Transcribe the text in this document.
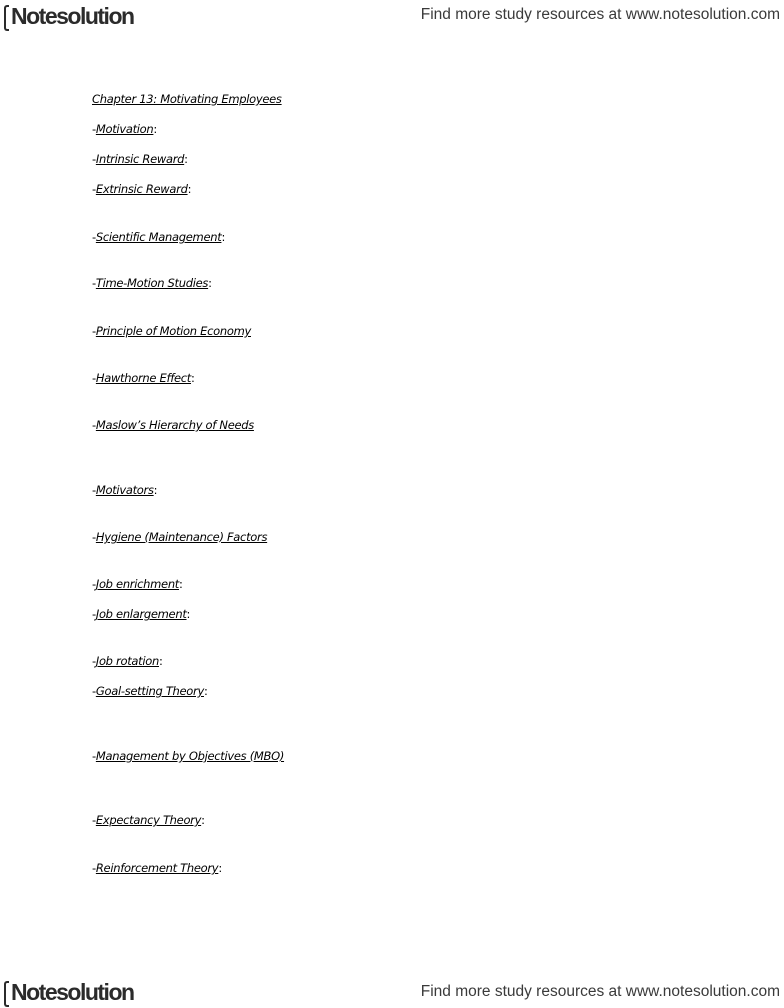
Notesolution	Find more study resources at www.notesolution.com
Chapter 13: Motivating Employees
-Motivation:
-Intrinsic Reward:
-Extrinsic Reward:
-Scientific Management:
-Time-Motion Studies:
-Principle of Motion Economy
-Hawthorne Effect:
-Maslow’s Hierarchy of Needs
-Motivators:
-Hygiene (Maintenance) Factors
-Job enrichment:
-Job enlargement:
-Job rotation:
-Goal-setting Theory:
-Management by Objectives (MBO)
-Expectancy Theory:
-Reinforcement Theory:
Notesolution	Find more study resources at www.notesolution.com
